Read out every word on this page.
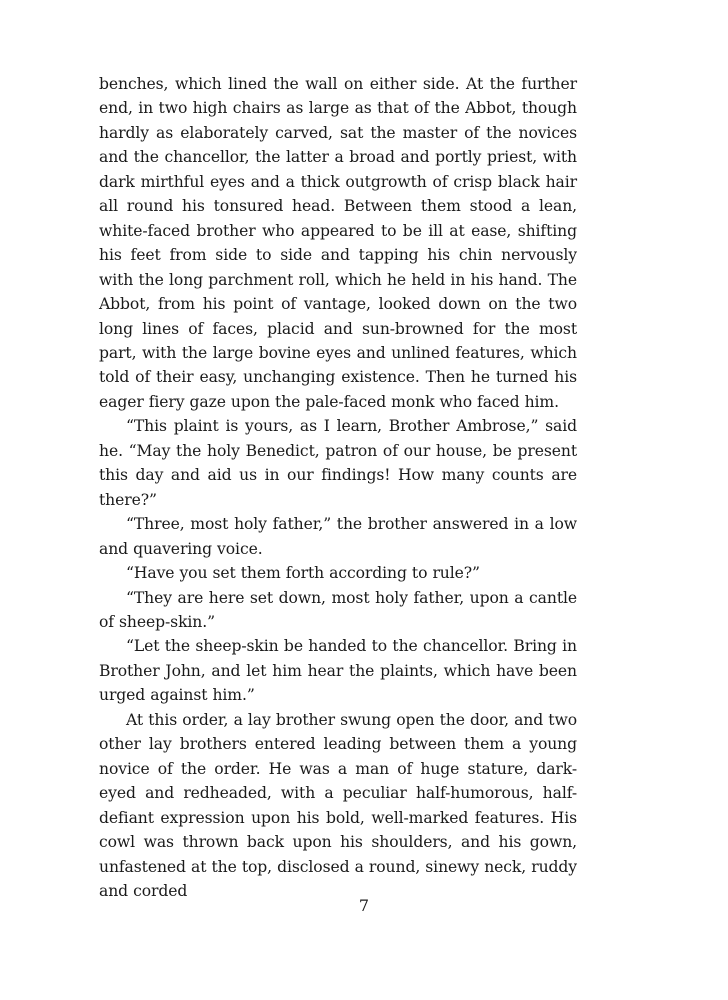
benches, which lined the wall on either side. At the further end, in two high chairs as large as that of the Abbot, though hardly as elaborately carved, sat the master of the novices and the chancellor, the latter a broad and portly priest, with dark mirthful eyes and a thick outgrowth of crisp black hair all round his tonsured head. Between them stood a lean, white-faced brother who appeared to be ill at ease, shifting his feet from side to side and tapping his chin nervously with the long parchment roll, which he held in his hand. The Abbot, from his point of vantage, looked down on the two long lines of faces, placid and sun-browned for the most part, with the large bovine eyes and unlined features, which told of their easy, unchanging existence. Then he turned his eager fiery gaze upon the pale-faced monk who faced him.

“This plaint is yours, as I learn, Brother Ambrose,” said he. “May the holy Benedict, patron of our house, be present this day and aid us in our findings! How many counts are there?”

“Three, most holy father,” the brother answered in a low and quavering voice.

“Have you set them forth according to rule?”

“They are here set down, most holy father, upon a cantle of sheep-skin.”

“Let the sheep-skin be handed to the chancellor. Bring in Brother John, and let him hear the plaints, which have been urged against him.”

At this order, a lay brother swung open the door, and two other lay brothers entered leading between them a young novice of the order. He was a man of huge stature, dark-eyed and redheaded, with a peculiar half-humorous, half-defiant expression upon his bold, well-marked features. His cowl was thrown back upon his shoulders, and his gown, unfastened at the top, disclosed a round, sinewy neck, ruddy and corded

7
